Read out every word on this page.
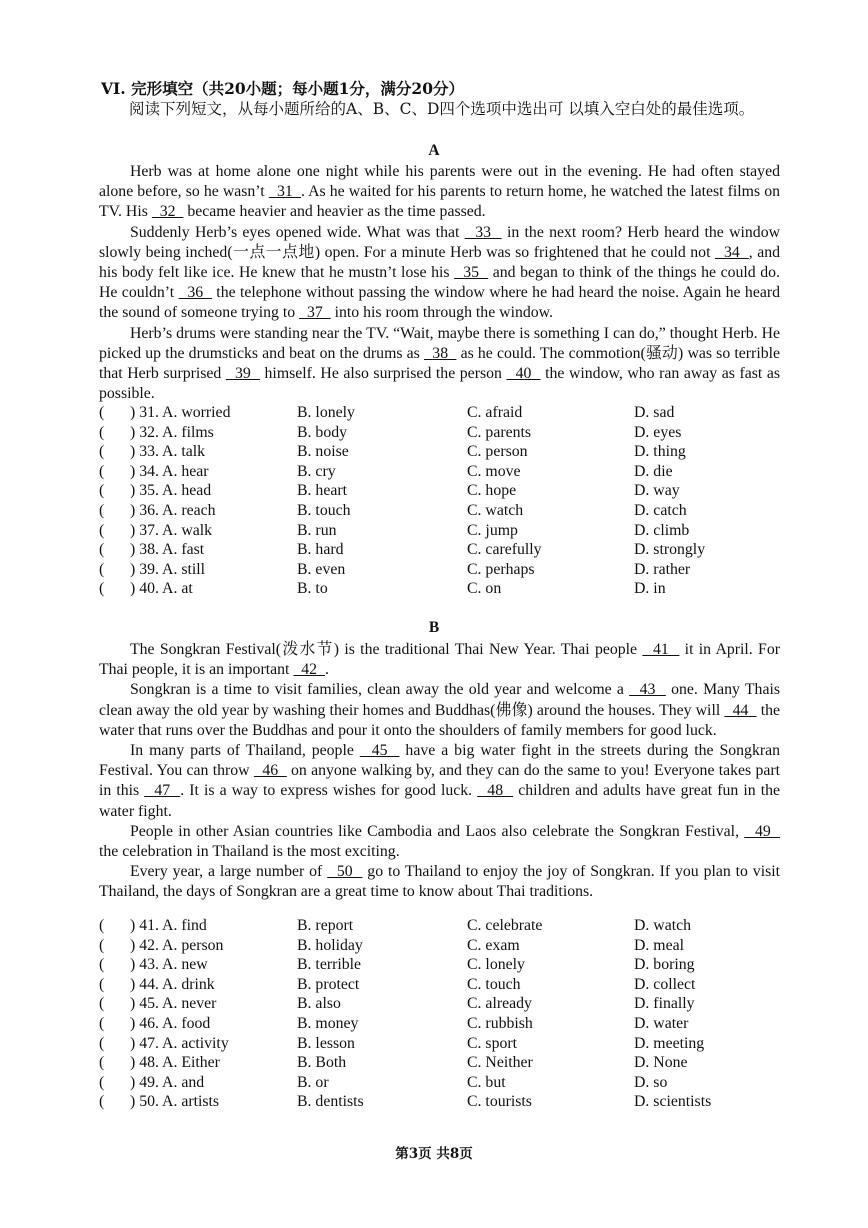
VI. 完形填空（共20小题；每小题1分，满分20分）
阅读下列短文，从每小题所给的A、B、C、D四个选项中选出可 以填入空白处的最佳选项。
A

Herb was at home alone one night while his parents were out in the evening. He had often stayed alone before, so he wasn’t   31  . As he waited for his parents to return home, he watched the latest films on TV. His   32   became heavier and heavier as the time passed.

Suddenly Herb’s eyes opened wide. What was that   33   in the next room? Herb heard the window slowly being inched(一点一点地) open. For a minute Herb was so frightened that he could not   34  , and his body felt like ice. He knew that he mustn’t lose his   35   and began to think of the things he could do. He couldn’t   36   the telephone without passing the window where he had heard the noise. Again he heard the sound of someone trying to   37   into his room through the window.

Herb’s drums were standing near the TV. “Wait, maybe there is something I can do,” thought Herb. He picked up the drumsticks and beat on the drums as   38   as he could. The commotion(骚动) was so terrible that Herb surprised   39   himself. He also surprised the person   40   the window, who ran away as fast as possible.

( ) 31. A. worried	B. lonely	C. afraid	D. sad
( ) 32. A. films	B. body	C. parents	D. eyes
( ) 33. A. talk	B. noise	C. person	D. thing
( ) 34. A. hear	B. cry	C. move	D. die
( ) 35. A. head	B. heart	C. hope	D. way
( ) 36. A. reach	B. touch	C. watch	D. catch
( ) 37. A. walk	B. run	C. jump	D. climb
( ) 38. A. fast	B. hard	C. carefully	D. strongly
( ) 39. A. still	B. even	C. perhaps	D. rather
( ) 40. A. at	B. to	C. on	D. in
B

The Songkran Festival(泼水节) is the traditional Thai New Year. Thai people   41   it in April. For Thai people, it is an important   42  .

Songkran is a time to visit families, clean away the old year and welcome a   43   one. Many Thais clean away the old year by washing their homes and Buddhas(佛像) around the houses. They will   44   the water that runs over the Buddhas and pour it onto the shoulders of family members for good luck.

In many parts of Thailand, people   45   have a big water fight in the streets during the Songkran Festival. You can throw   46   on anyone walking by, and they can do the same to you! Everyone takes part in this   47  . It is a way to express wishes for good luck.   48   children and adults have great fun in the water fight.

People in other Asian countries like Cambodia and Laos also celebrate the Songkran Festival,   49   the celebration in Thailand is the most exciting.

Every year, a large number of   50   go to Thailand to enjoy the joy of Songkran. If you plan to visit Thailand, the days of Songkran are a great time to know about Thai traditions.

( ) 41. A. find	B. report	C. celebrate	D. watch
( ) 42. A. person	B. holiday	C. exam	D. meal
( ) 43. A. new	B. terrible	C. lonely	D. boring
( ) 44. A. drink	B. protect	C. touch	D. collect
( ) 45. A. never	B. also	C. already	D. finally
( ) 46. A. food	B. money	C. rubbish	D. water
( ) 47. A. activity	B. lesson	C. sport	D. meeting
( ) 48. A. Either	B. Both	C. Neither	D. None
( ) 49. A. and	B. or	C. but	D. so
( ) 50. A. artists	B. dentists	C. tourists	D. scientists
第3页 共8页
